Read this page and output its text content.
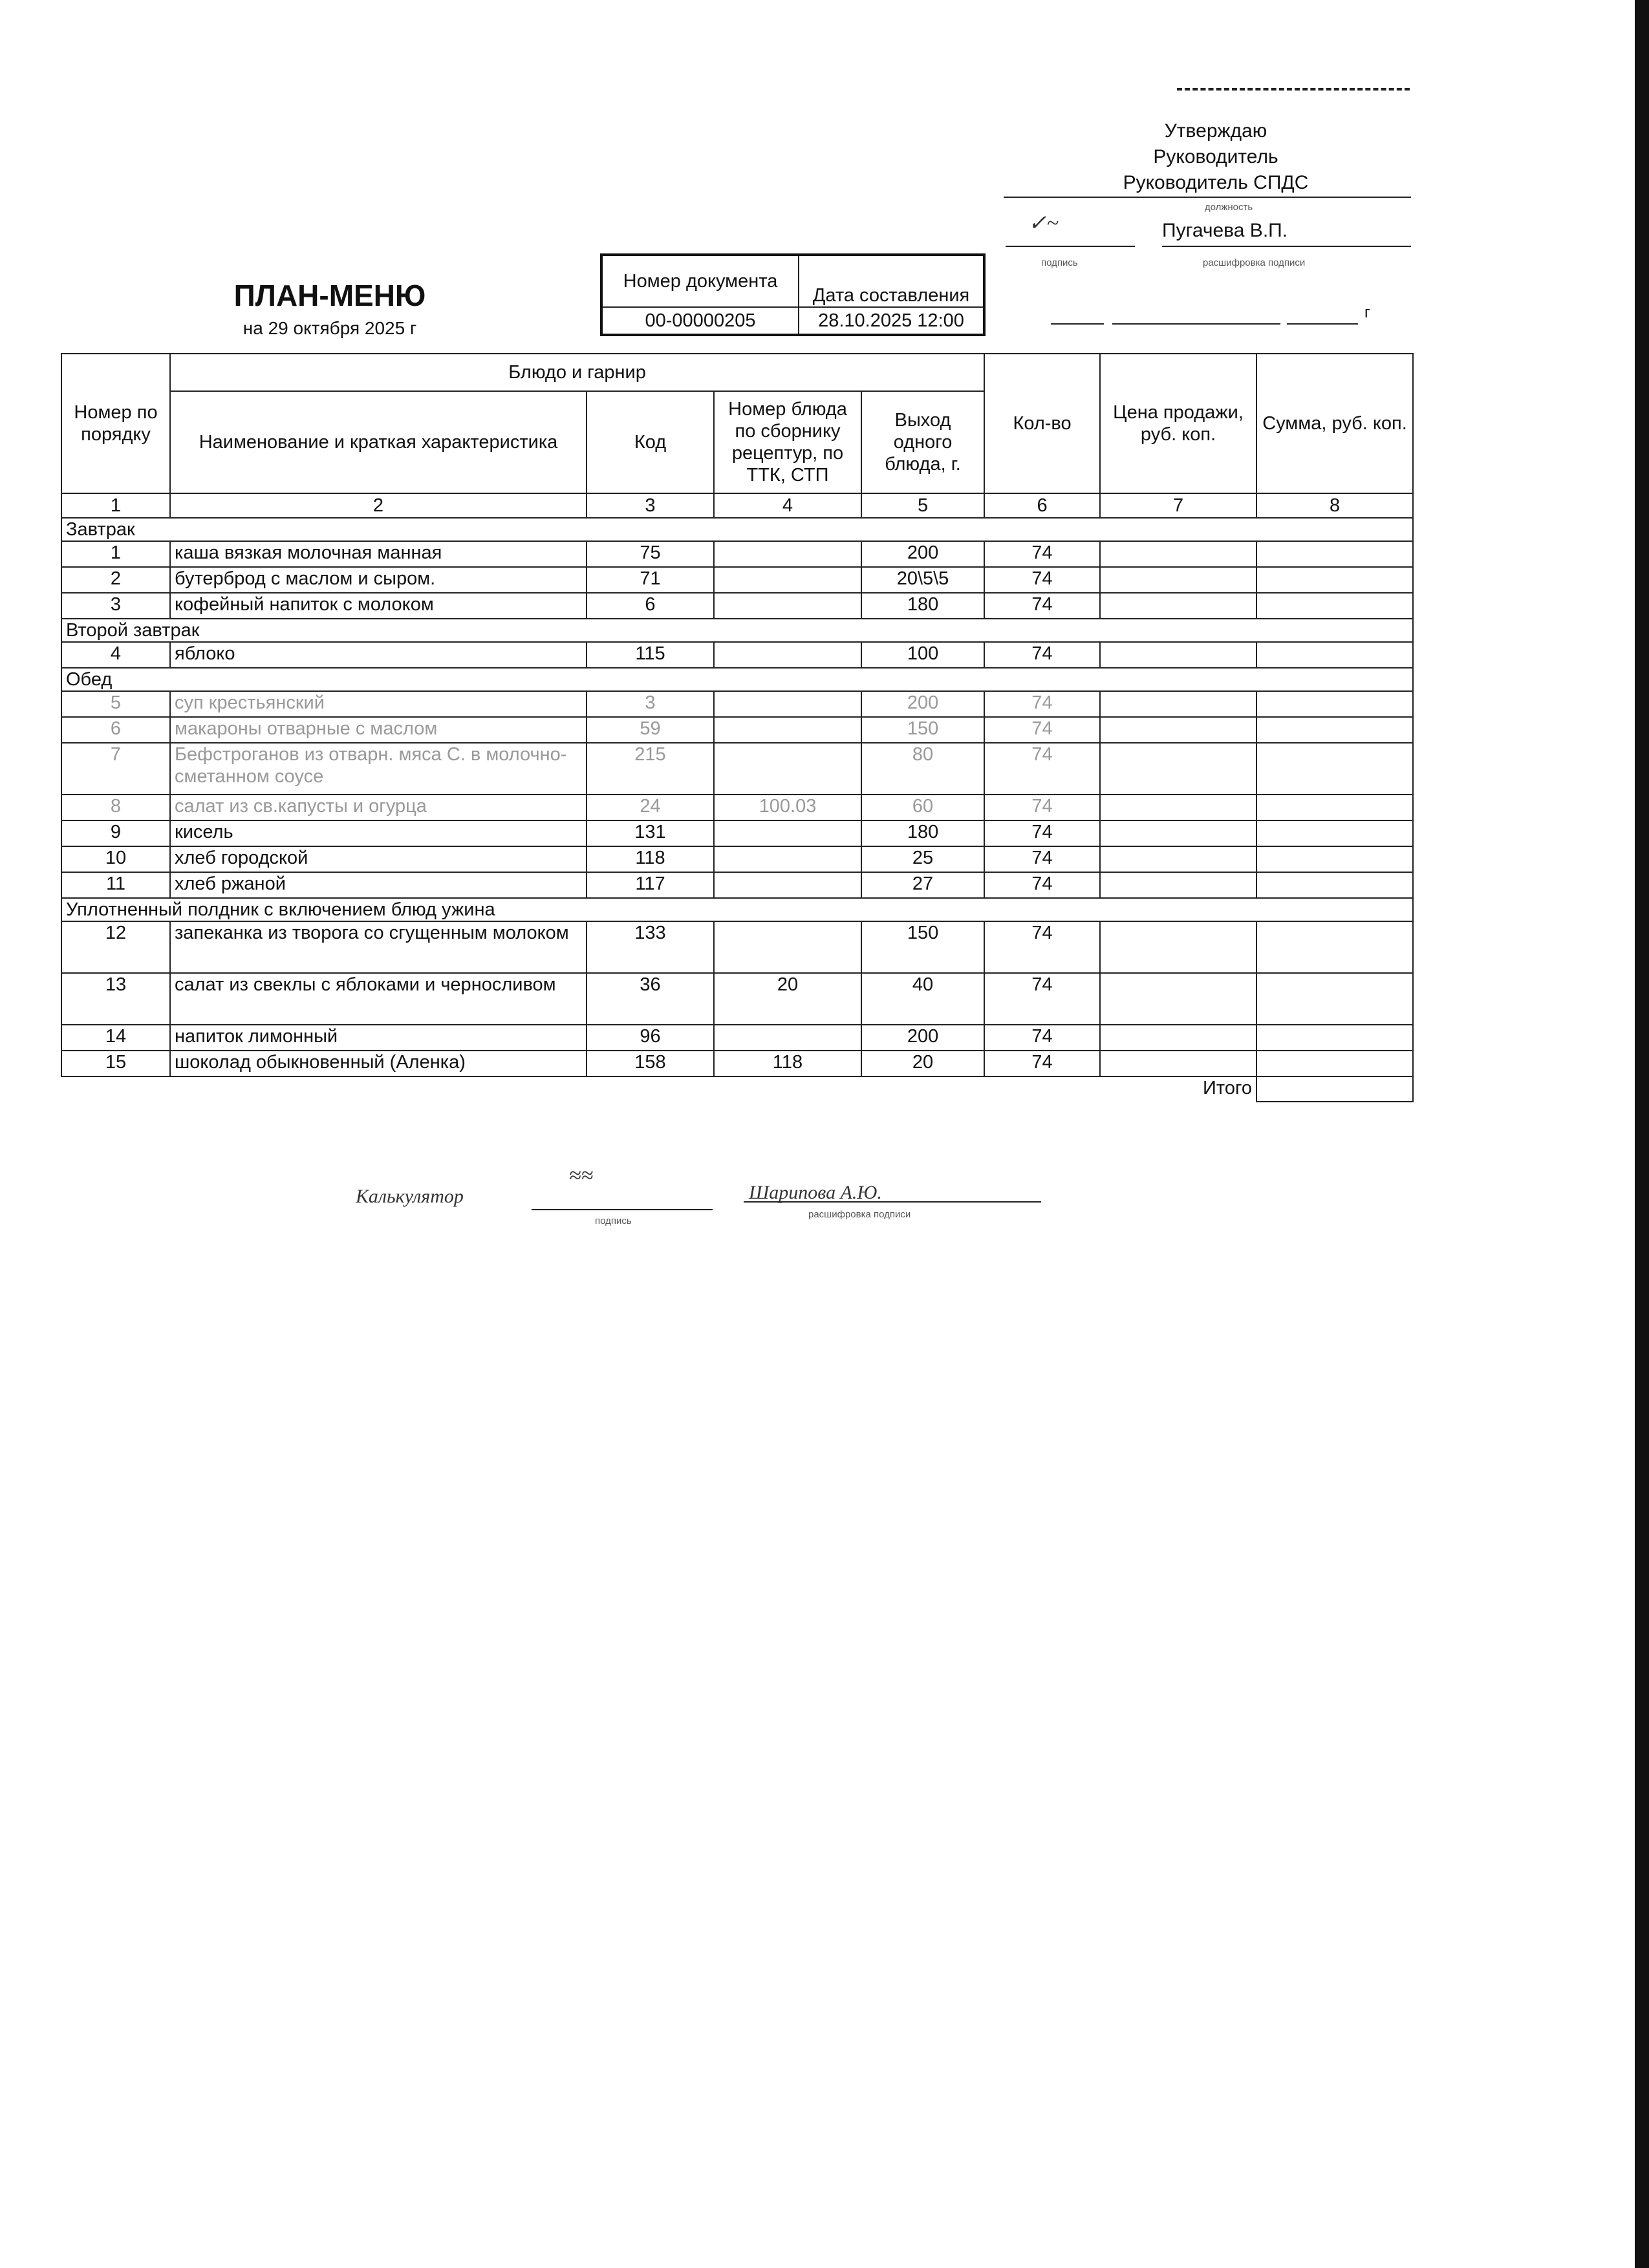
Утверждаю
Руководитель
Руководитель СПДС
должность
✓~	Пугачева В.П.
подпись	расшифровка подписи
г
ПЛАН-МЕНЮ
на 29 октября 2025 г
Номер документа	Дата составления
00-00000205	28.10.2025 12:00
Номер по порядку	Блюдо и гарнир				Кол-во	Цена продажи, руб. коп.	Сумма, руб. коп.
	Наименование и краткая характеристика	Код	Номер блюда по сборнику рецептур, по ТТК, СТП	Выход одного блюда, г.			
1	2	3	4	5	6	7	8
Завтрак							
1	каша вязкая молочная манная	75		200	74		
2	бутерброд с маслом и сыром.	71		20\5\5	74		
3	кофейный напиток с молоком	6		180	74		
Второй завтрак							
4	яблоко	115		100	74		
Обед							
5	суп крестьянский	3		200	74		
6	макароны отварные с маслом	59		150	74		
7	Бефстроганов из отварн. мяса С. в молочно-сметанном соусе	215		80	74		
8	салат из св.капусты и огурца	24	100.03	60	74		
9	кисель	131		180	74		
10	хлеб городской	118		25	74		
11	хлеб ржаной	117		27	74		
Уплотненный полдник с включением блюд ужина							
12	запеканка из творога со сгущенным молоком	133		150	74		
13	салат из свеклы с яблоками и черносливом	36	20	40	74		
14	напиток лимонный	96		200	74		
15	шоколад обыкновенный (Аленка)	158	118	20	74		
Итого							
Калькулятор
≈≈
Шарипова А.Ю.
подпись
расшифровка подписи
